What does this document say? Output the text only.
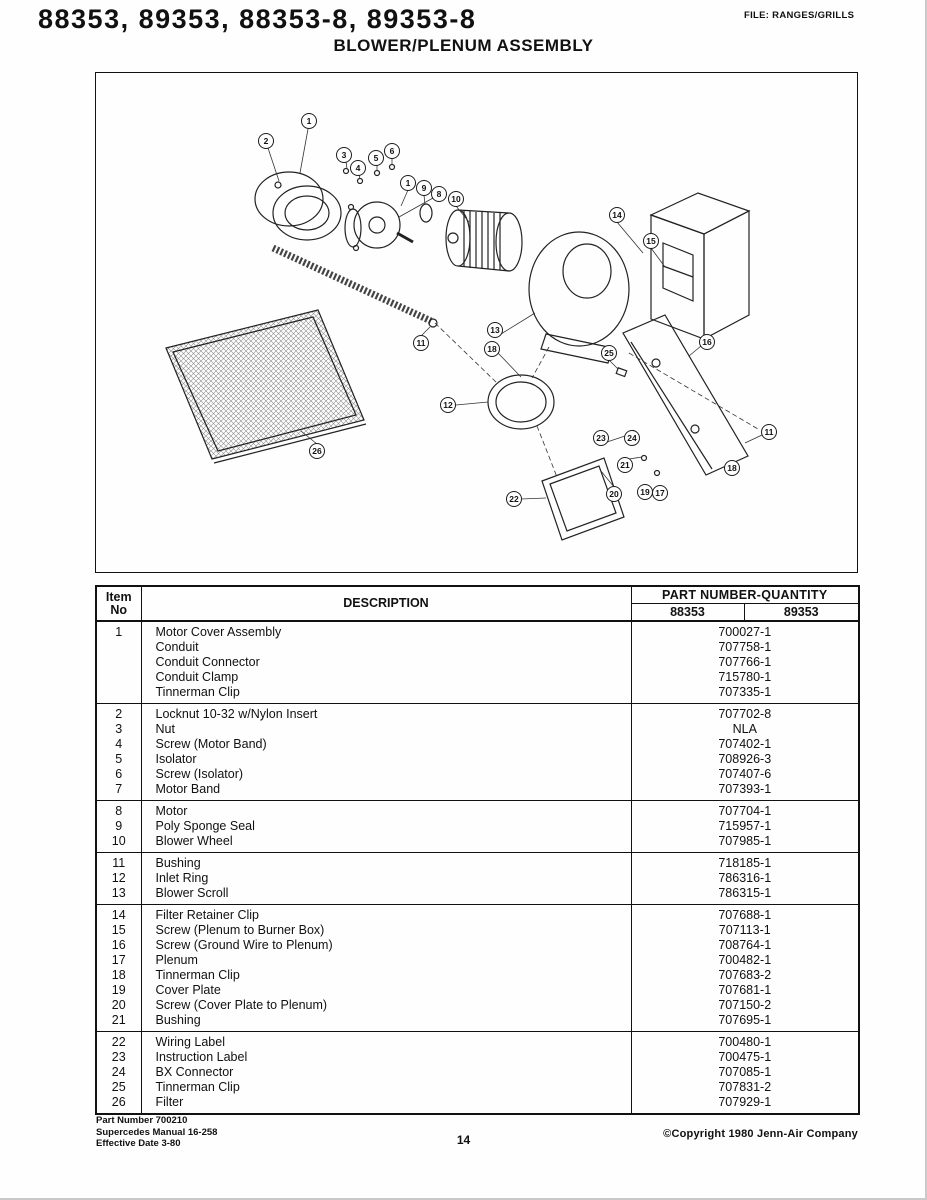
88353, 89353, 88353-8, 89353-8	FILE: RANGES/GRILLS
BLOWER/PLENUM ASSEMBLY
2
1
3
4
5
6
1	9
8	10
14
15
13
18
16
25
11
12
11
23	24
21
20	19 17
18
22
26
Item
No	DESCRIPTION	PART NUMBER-QUANTITY	
		88353	89353
1	Motor Cover Assembly	700027-1	
	Conduit	707758-1	
	Conduit Connector	707766-1	
	Conduit Clamp	715780-1	
	Tinnerman Clip	707335-1	
2	Locknut 10-32 w/Nylon Insert	707702-8	
3	Nut	NLA	
4	Screw (Motor Band)	707402-1	
5	Isolator	708926-3	
6	Screw (Isolator)	707407-6	
7	Motor Band	707393-1	
8	Motor	707704-1	
9	Poly Sponge Seal	715957-1	
10	Blower Wheel	707985-1	
11	Bushing	718185-1	
12	Inlet Ring	786316-1	
13	Blower Scroll	786315-1	
14	Filter Retainer Clip	707688-1	
15	Screw (Plenum to Burner Box)	707113-1	
16	Screw (Ground Wire to Plenum)	708764-1	
17	Plenum	700482-1	
18	Tinnerman Clip	707683-2	
19	Cover Plate	707681-1	
20	Screw (Cover Plate to Plenum)	707150-2	
21	Bushing	707695-1	
22	Wiring Label	700480-1	
23	Instruction Label	700475-1	
24	BX Connector	707085-1	
25	Tinnerman Clip	707831-2	
26	Filter	707929-1	
Part Number 700210
Supercedes Manual 16-258
Effective Date 3-80	14	©Copyright 1980 Jenn-Air Company
